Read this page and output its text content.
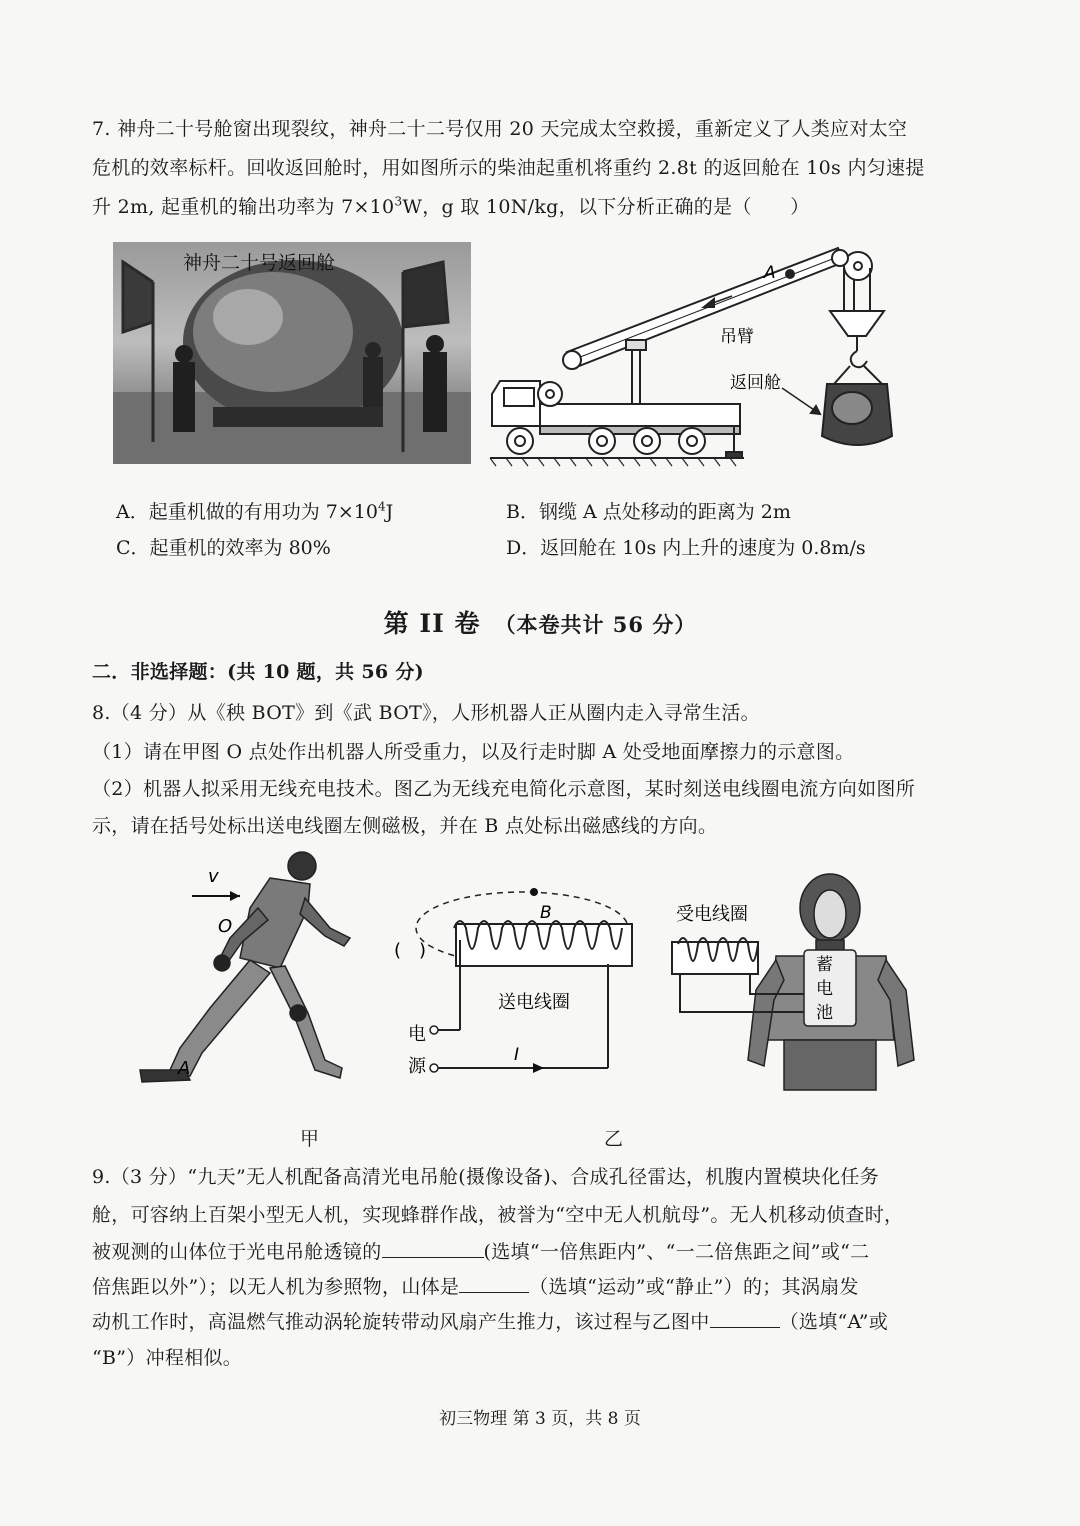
7. 神舟二十号舱窗出现裂纹，神舟二十二号仅用 20 天完成太空救援，重新定义了人类应对太空
危机的效率标杆。回收返回舱时，用如图所示的柴油起重机将重约 2.8t 的返回舱在 10s 内匀速提
升 2m, 起重机的输出功率为 $7\times 10^3W$，g 取 10N/kg，以下分析正确的是（　　）
神舟二十号返回舱	A
吊臂
返回舱
A．起重机做的有用功为 $7\times 10^4J$	B．钢缆 A 点处移动的距离为 2m
C．起重机的效率为 80%	D．返回舱在 10s 内上升的速度为 0.8m/s
第 II 卷 （本卷共计 56 分）
二．非选择题：(共 10 题，共 56 分)
8.（4 分）从《秧 BOT》到《武 BOT》，人形机器人正从圈内走入寻常生活。
（1）请在甲图 O 点处作出机器人所受重力，以及行走时脚 A 处受地面摩擦力的示意图。
（2）机器人拟采用无线充电技术。图乙为无线充电简化示意图，某时刻送电线圈电流方向如图所
示，请在括号处标出送电线圈左侧磁极，并在 B 点处标出磁感线的方向。
v
O
A
B
(　)
送电线圈
电
源
I
蓄
电
池
受电线圈
甲	乙
9.（3 分）“九天”无人机配备高清光电吊舱(摄像设备)、合成孔径雷达，机腹内置模块化任务
舱，可容纳上百架小型无人机，实现蜂群作战，被誉为“空中无人机航母”。无人机移动侦查时，
被观测的山体位于光电吊舱透镜的	(选填“一倍焦距内”、“一二倍焦距之间”或“二
倍焦距以外”）；以无人机为参照物，山体是	（选填“运动”或“静止”）的；其涡扇发
动机工作时，高温燃气推动涡轮旋转带动风扇产生推力，该过程与乙图中	（选填“A”或
“B”）冲程相似。
初三物理 第 3 页，共 8 页
